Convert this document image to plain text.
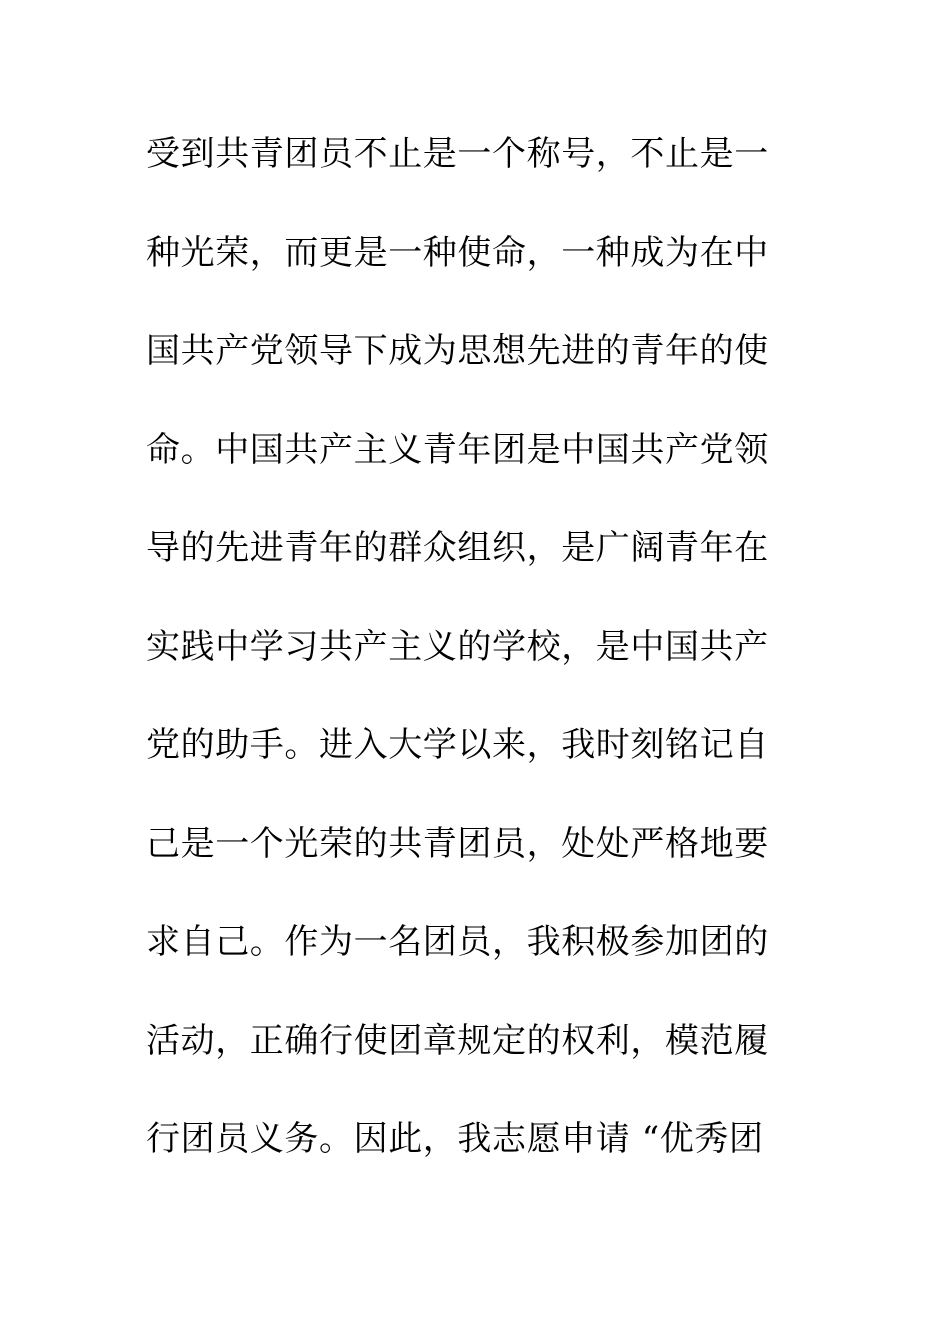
受到共青团员不止是一个称号，不止是一
种光荣，而更是一种使命，一种成为在中
国共产党领导下成为思想先进的青年的使
命。中国共产主义青年团是中国共产党领
导的先进青年的群众组织，是广阔青年在
实践中学习共产主义的学校，是中国共产
党的助手。进入大学以来，我时刻铭记自
己是一个光荣的共青团员，处处严格地要
求自己。作为一名团员，我积极参加团的
活动，正确行使团章规定的权利，模范履
行团员义务。因此，我志愿申请 “优秀团
